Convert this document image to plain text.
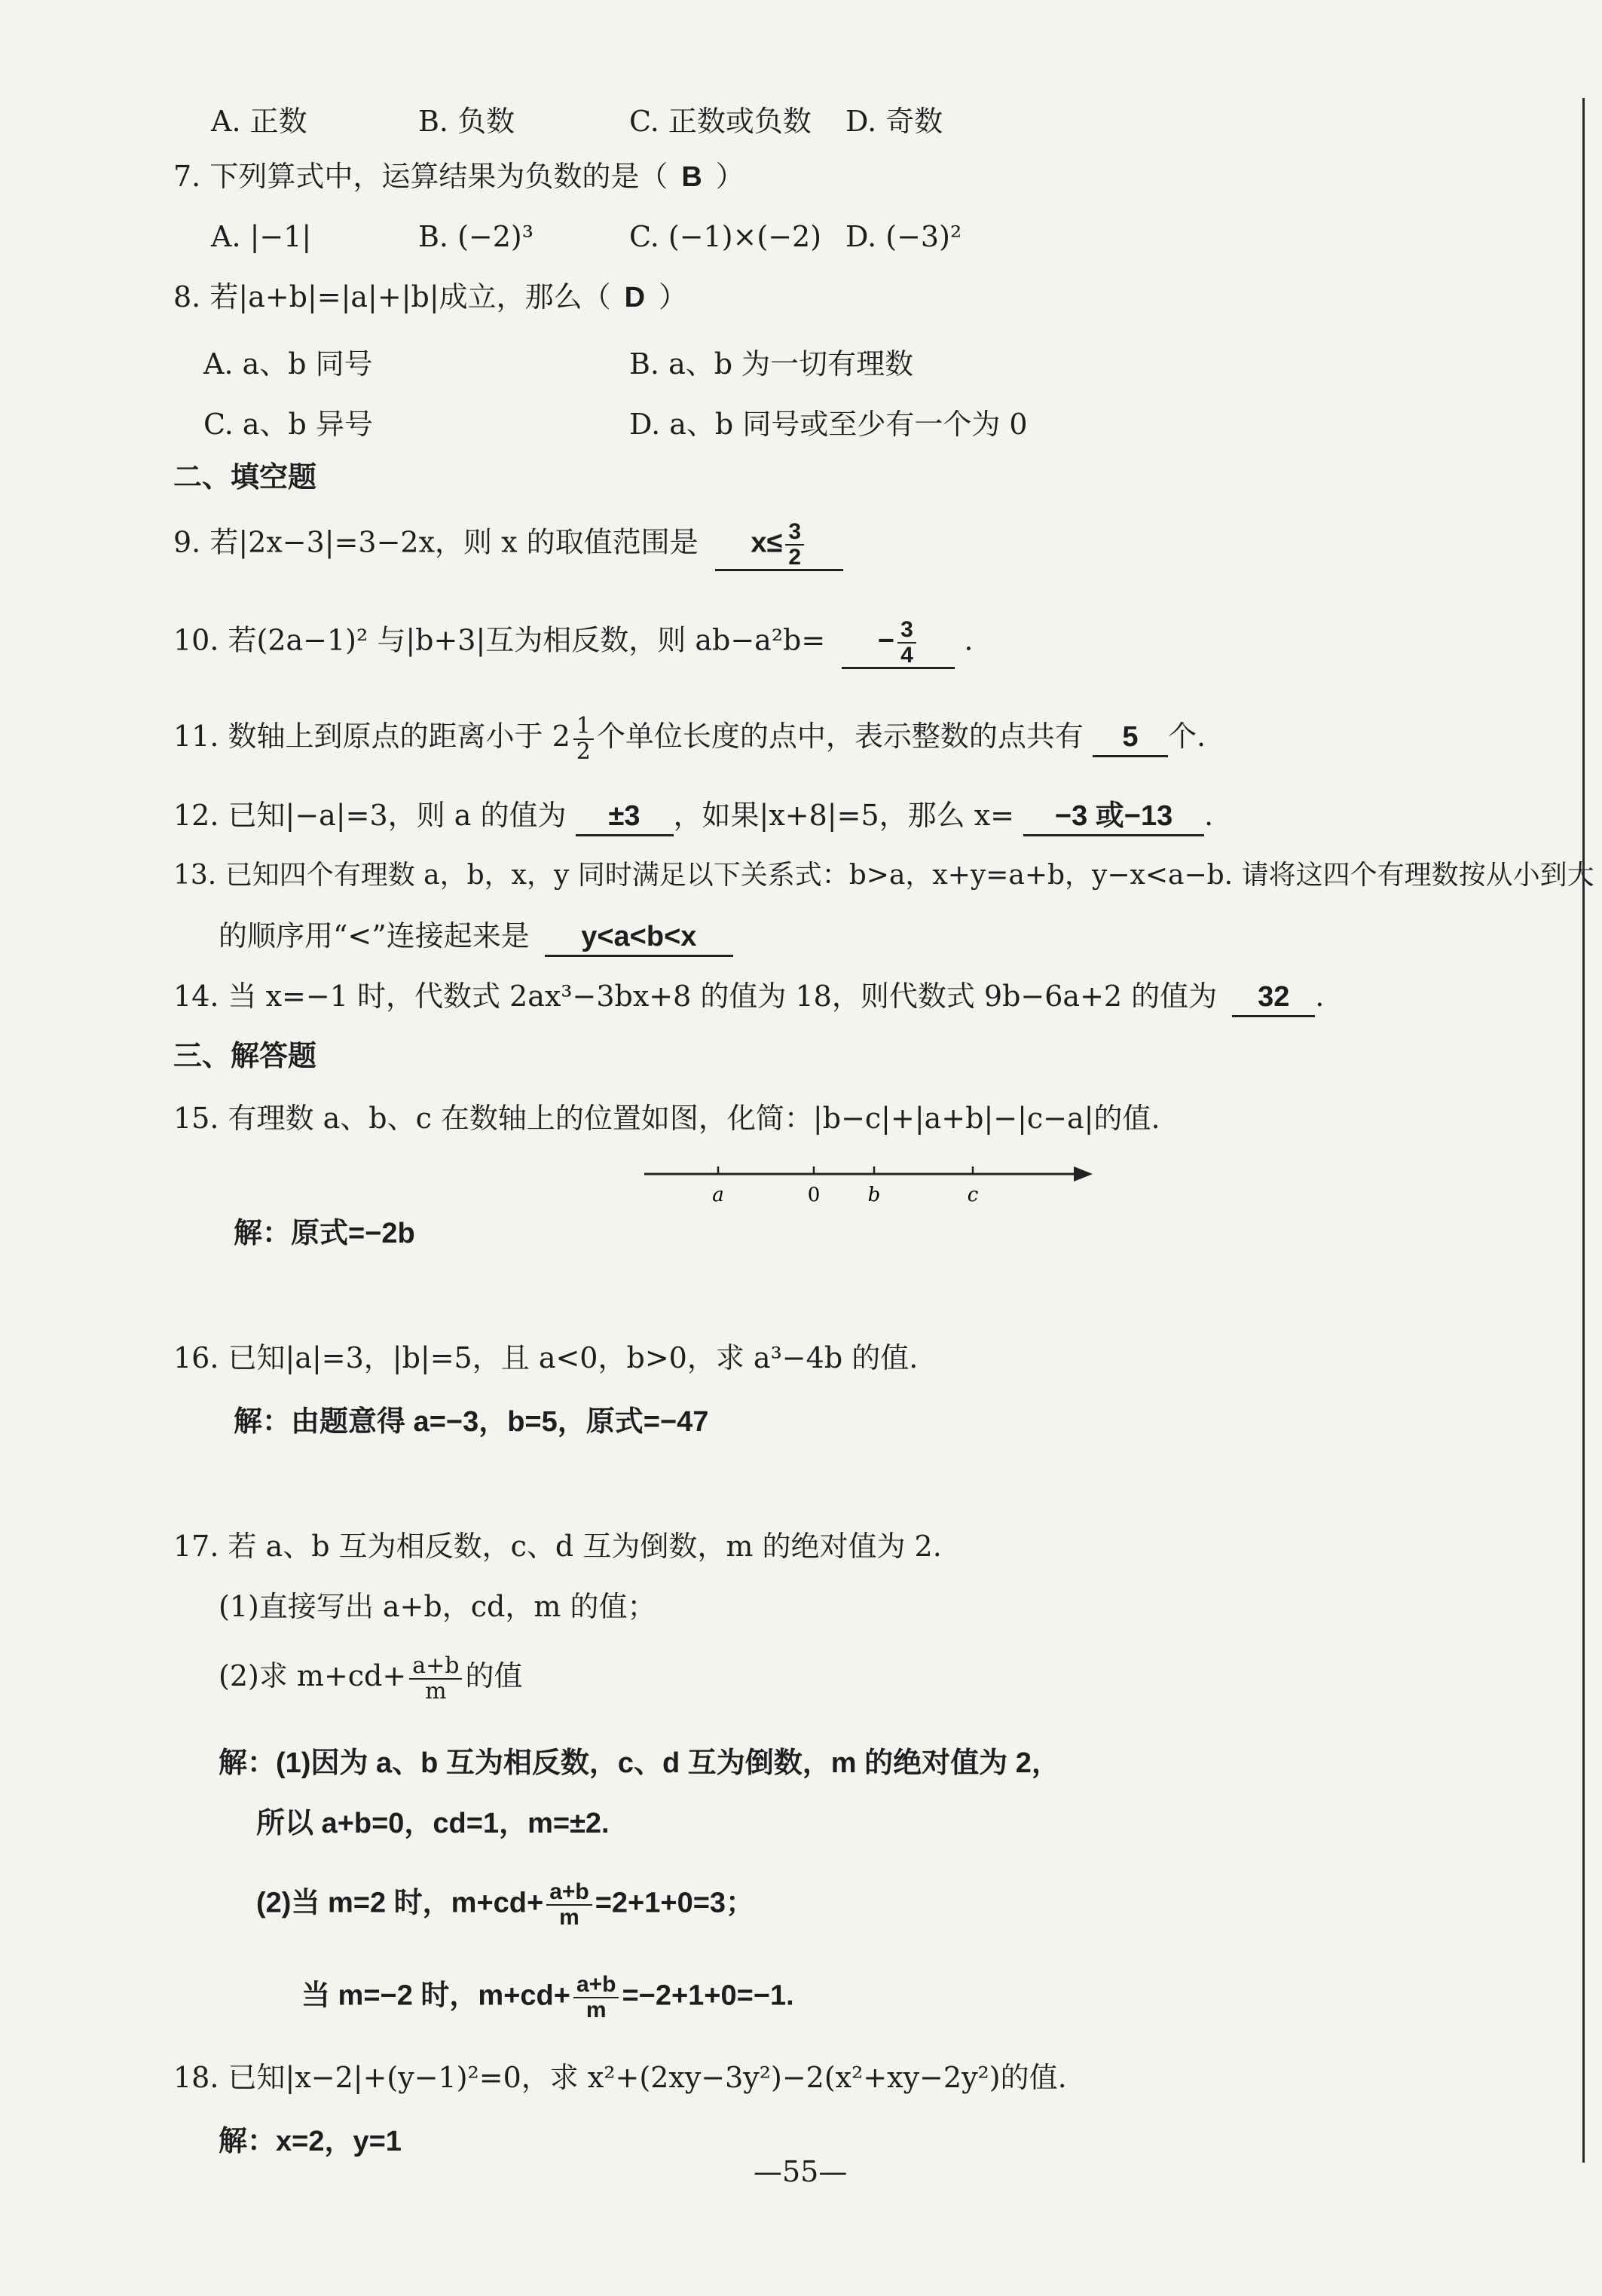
A. 正数	B. 负数	C. 正数或负数 D. 奇数
7. 下列算式中，运算结果为负数的是（ B ）
A. |−1|	B. (−2)³	C. (−1)×(−2) D. (−3)²
8. 若|a+b|=|a|+|b|成立，那么（ D ）
A. a、b 同号	B. a、b 为一切有理数
C. a、b 异号	D. a、b 同号或至少有一个为 0
二、填空题
9. 若|2x−3|=3−2x，则 x 的取值范围是 $x\le \frac{3}{2}$
10. 若(2a−1)² 与|b+3|互为相反数，则 $ab-a^2b= - \frac{3}{4}$ .
11. 数轴上到原点的距离小于 $2 \frac{1}{2}$ 个单位长度的点中，表示整数的点共有 5 个.
12. 已知|−a|=3，则 a 的值为 ±3 ，如果|x+8|=5，那么 x= −3 或−13 .
13. 已知四个有理数 a，b，x，y 同时满足以下关系式：b>a，x+y=a+b，y−x<a−b. 请将这四个有理数按从小到大
的顺序用“<”连接起来是 y<a<b<x
14. 当 x=−1 时，代数式 2ax³−3bx+8 的值为 18，则代数式 9b−6a+2 的值为 32 .
三、解答题
15. 有理数 a、b、c 在数轴上的位置如图，化简：|b−c|+|a+b|−|c−a|的值.
a	0 b	c
解：原式=−2b
16. 已知|a|=3，|b|=5，且 a<0，b>0，求 a³−4b 的值.
解：由题意得 a=−3，b=5，原式=−47
17. 若 a、b 互为相反数，c、d 互为倒数，m 的绝对值为 2.
(1)直接写出 a+b，cd，m 的值；
(2)求 $m+cd+ \frac{a+b}{m}$ 的值
解：(1)因为 a、b 互为相反数，c、d 互为倒数，m 的绝对值为 2，
所以 a+b=0，cd=1，m=±2.
(2)当 m=2 时，$m+cd+ \frac{a+b}{m} =2+1+0=3$；
当 m=−2 时，$m+cd+ \frac{a+b}{m} =-2+1+0=-1$.
18. 已知|x−2|+(y−1)²=0，求 x²+(2xy−3y²)−2(x²+xy−2y²)的值.
解：x=2，y=1
—55—
